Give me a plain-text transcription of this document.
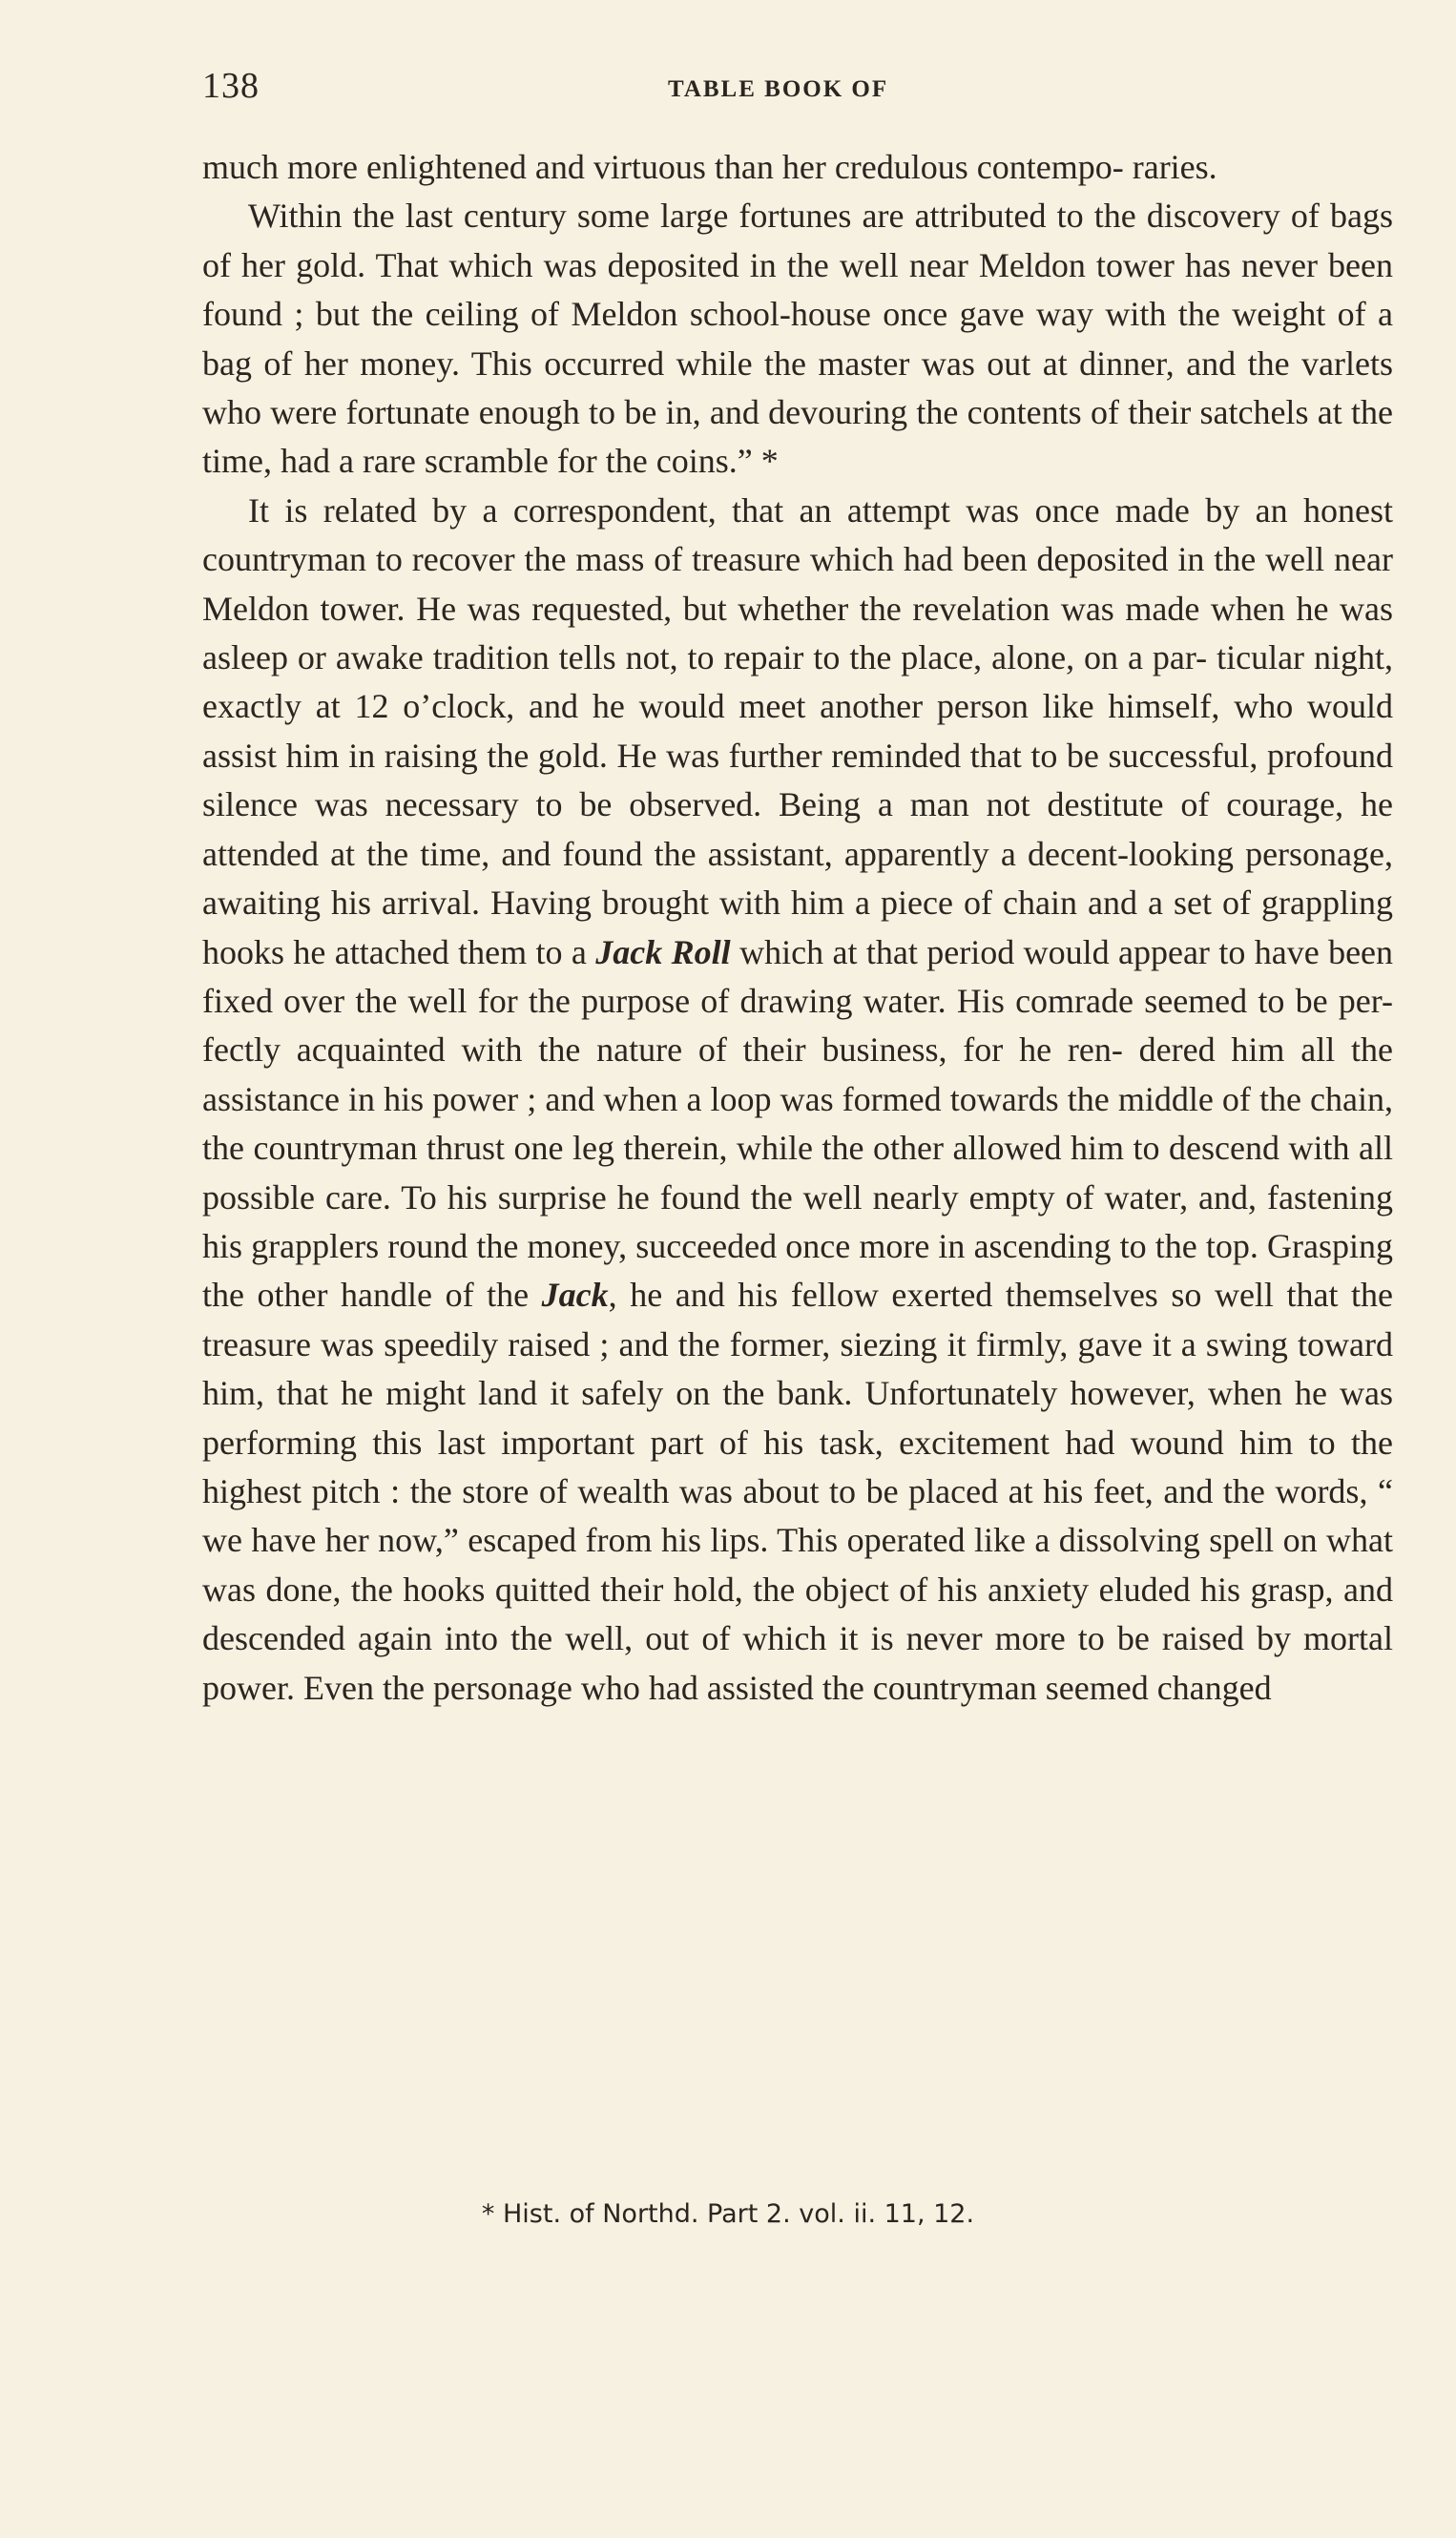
138	TABLE BOOK OF

much more enlightened and virtuous than her credulous contempo- raries.

Within the last century some large fortunes are attributed to the discovery of bags of her gold. That which was deposited in the well near Meldon tower has never been found ; but the ceiling of Meldon school-house once gave way with the weight of a bag of her money. This occurred while the master was out at dinner, and the varlets who were fortunate enough to be in, and devouring the contents of their satchels at the time, had a rare scramble for the coins.” *

It is related by a correspondent, that an attempt was once made by an honest countryman to recover the mass of treasure which had been deposited in the well near Meldon tower. He was requested, but whether the revelation was made when he was asleep or awake tradition tells not, to repair to the place, alone, on a par- ticular night, exactly at 12 o’clock, and he would meet another person like himself, who would assist him in raising the gold. He was further reminded that to be successful, profound silence was necessary to be observed. Being a man not destitute of courage, he attended at the time, and found the assistant, apparently a decent-looking personage, awaiting his arrival. Having brought with him a piece of chain and a set of grappling hooks he attached them to a Jack Roll which at that period would appear to have been fixed over the well for the purpose of drawing water. His comrade seemed to be per- fectly acquainted with the nature of their business, for he ren- dered him all the assistance in his power ; and when a loop was formed towards the middle of the chain, the countryman thrust one leg therein, while the other allowed him to descend with all possible care. To his surprise he found the well nearly empty of water, and, fastening his grapplers round the money, succeeded once more in ascending to the top. Grasping the other handle of the Jack, he and his fellow exerted themselves so well that the treasure was speedily raised ; and the former, siezing it firmly, gave it a swing toward him, that he might land it safely on the bank. Unfortunately however, when he was performing this last important part of his task, excitement had wound him to the highest pitch : the store of wealth was about to be placed at his feet, and the words, “ we have her now,” escaped from his lips. This operated like a dissolving spell on what was done, the hooks quitted their hold, the object of his anxiety eluded his grasp, and descended again into the well, out of which it is never more to be raised by mortal power. Even the personage who had assisted the countryman seemed changed

* Hist. of Northd. Part 2. vol. ii. 11, 12.
